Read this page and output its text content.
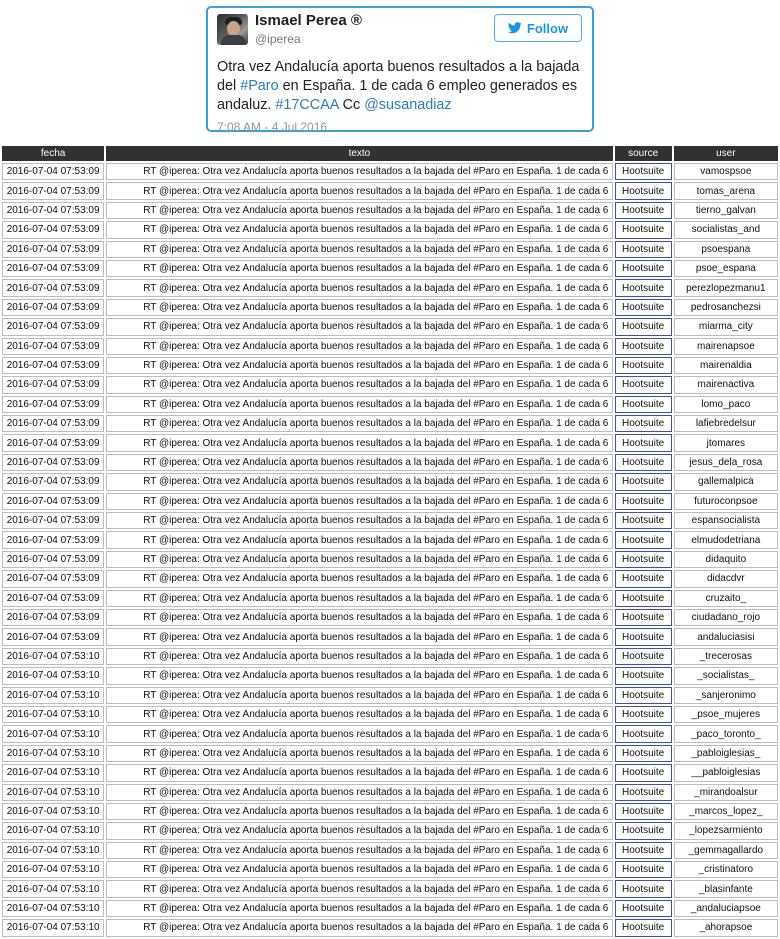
Ismael Perea ®
@iperea
Follow
Otra vez Andalucía aporta buenos resultados a la bajada del #Paro en España. 1 de cada 6 empleo generados es andaluz. #17CCAA Cc @susanadiaz
7:08 AM - 4 Jul 2016
fecha	texto	source	user
2016-07-04 07:53:09	RT @iperea: Otra vez Andalucía aporta buenos resultados a la bajada del #Paro en España. 1 de cada 6	Hootsuite	vamospsoe
2016-07-04 07:53:09	RT @iperea: Otra vez Andalucía aporta buenos resultados a la bajada del #Paro en España. 1 de cada 6	Hootsuite	tomas_arena
2016-07-04 07:53:09	RT @iperea: Otra vez Andalucía aporta buenos resultados a la bajada del #Paro en España. 1 de cada 6	Hootsuite	tierno_galvan
2016-07-04 07:53:09	RT @iperea: Otra vez Andalucía aporta buenos resultados a la bajada del #Paro en España. 1 de cada 6	Hootsuite	socialistas_and
2016-07-04 07:53:09	RT @iperea: Otra vez Andalucía aporta buenos resultados a la bajada del #Paro en España. 1 de cada 6	Hootsuite	psoespana
2016-07-04 07:53:09	RT @iperea: Otra vez Andalucía aporta buenos resultados a la bajada del #Paro en España. 1 de cada 6	Hootsuite	psoe_espana
2016-07-04 07:53:09	RT @iperea: Otra vez Andalucía aporta buenos resultados a la bajada del #Paro en España. 1 de cada 6	Hootsuite	perezlopezmanu1
2016-07-04 07:53:09	RT @iperea: Otra vez Andalucía aporta buenos resultados a la bajada del #Paro en España. 1 de cada 6	Hootsuite	pedrosanchezsi
2016-07-04 07:53:09	RT @iperea: Otra vez Andalucía aporta buenos resultados a la bajada del #Paro en España. 1 de cada 6	Hootsuite	miarma_city
2016-07-04 07:53:09	RT @iperea: Otra vez Andalucía aporta buenos resultados a la bajada del #Paro en España. 1 de cada 6	Hootsuite	mairenapsoe
2016-07-04 07:53:09	RT @iperea: Otra vez Andalucía aporta buenos resultados a la bajada del #Paro en España. 1 de cada 6	Hootsuite	mairenaldia
2016-07-04 07:53:09	RT @iperea: Otra vez Andalucía aporta buenos resultados a la bajada del #Paro en España. 1 de cada 6	Hootsuite	mairenactiva
2016-07-04 07:53:09	RT @iperea: Otra vez Andalucía aporta buenos resultados a la bajada del #Paro en España. 1 de cada 6	Hootsuite	lomo_paco
2016-07-04 07:53:09	RT @iperea: Otra vez Andalucía aporta buenos resultados a la bajada del #Paro en España. 1 de cada 6	Hootsuite	lafiebredelsur
2016-07-04 07:53:09	RT @iperea: Otra vez Andalucía aporta buenos resultados a la bajada del #Paro en España. 1 de cada 6	Hootsuite	jtomares
2016-07-04 07:53:09	RT @iperea: Otra vez Andalucía aporta buenos resultados a la bajada del #Paro en España. 1 de cada 6	Hootsuite	jesus_dela_rosa
2016-07-04 07:53:09	RT @iperea: Otra vez Andalucía aporta buenos resultados a la bajada del #Paro en España. 1 de cada 6	Hootsuite	gallemalpica
2016-07-04 07:53:09	RT @iperea: Otra vez Andalucía aporta buenos resultados a la bajada del #Paro en España. 1 de cada 6	Hootsuite	futuroconpsoe
2016-07-04 07:53:09	RT @iperea: Otra vez Andalucía aporta buenos resultados a la bajada del #Paro en España. 1 de cada 6	Hootsuite	espansocialista
2016-07-04 07:53:09	RT @iperea: Otra vez Andalucía aporta buenos resultados a la bajada del #Paro en España. 1 de cada 6	Hootsuite	elmudodetriana
2016-07-04 07:53:09	RT @iperea: Otra vez Andalucía aporta buenos resultados a la bajada del #Paro en España. 1 de cada 6	Hootsuite	didaquito
2016-07-04 07:53:09	RT @iperea: Otra vez Andalucía aporta buenos resultados a la bajada del #Paro en España. 1 de cada 6	Hootsuite	didacdvr
2016-07-04 07:53:09	RT @iperea: Otra vez Andalucía aporta buenos resultados a la bajada del #Paro en España. 1 de cada 6	Hootsuite	cruzaito_
2016-07-04 07:53:09	RT @iperea: Otra vez Andalucía aporta buenos resultados a la bajada del #Paro en España. 1 de cada 6	Hootsuite	ciudadano_rojo
2016-07-04 07:53:09	RT @iperea: Otra vez Andalucía aporta buenos resultados a la bajada del #Paro en España. 1 de cada 6	Hootsuite	andaluciasisi
2016-07-04 07:53:10	RT @iperea: Otra vez Andalucía aporta buenos resultados a la bajada del #Paro en España. 1 de cada 6	Hootsuite	_trecerosas
2016-07-04 07:53:10	RT @iperea: Otra vez Andalucía aporta buenos resultados a la bajada del #Paro en España. 1 de cada 6	Hootsuite	_socialistas_
2016-07-04 07:53:10	RT @iperea: Otra vez Andalucía aporta buenos resultados a la bajada del #Paro en España. 1 de cada 6	Hootsuite	_sanjeronimo
2016-07-04 07:53:10	RT @iperea: Otra vez Andalucía aporta buenos resultados a la bajada del #Paro en España. 1 de cada 6	Hootsuite	_psoe_mujeres
2016-07-04 07:53:10	RT @iperea: Otra vez Andalucía aporta buenos resultados a la bajada del #Paro en España. 1 de cada 6	Hootsuite	_paco_toronto_
2016-07-04 07:53:10	RT @iperea: Otra vez Andalucía aporta buenos resultados a la bajada del #Paro en España. 1 de cada 6	Hootsuite	_pabloiglesias_
2016-07-04 07:53:10	RT @iperea: Otra vez Andalucía aporta buenos resultados a la bajada del #Paro en España. 1 de cada 6	Hootsuite	__pabloiglesias
2016-07-04 07:53:10	RT @iperea: Otra vez Andalucía aporta buenos resultados a la bajada del #Paro en España. 1 de cada 6	Hootsuite	_mirandoalsur
2016-07-04 07:53:10	RT @iperea: Otra vez Andalucía aporta buenos resultados a la bajada del #Paro en España. 1 de cada 6	Hootsuite	_marcos_lopez_
2016-07-04 07:53:10	RT @iperea: Otra vez Andalucía aporta buenos resultados a la bajada del #Paro en España. 1 de cada 6	Hootsuite	_lopezsarmiento
2016-07-04 07:53:10	RT @iperea: Otra vez Andalucía aporta buenos resultados a la bajada del #Paro en España. 1 de cada 6	Hootsuite	_gemmagallardo
2016-07-04 07:53:10	RT @iperea: Otra vez Andalucía aporta buenos resultados a la bajada del #Paro en España. 1 de cada 6	Hootsuite	_cristinatoro
2016-07-04 07:53:10	RT @iperea: Otra vez Andalucía aporta buenos resultados a la bajada del #Paro en España. 1 de cada 6	Hootsuite	_blasinfante
2016-07-04 07:53:10	RT @iperea: Otra vez Andalucía aporta buenos resultados a la bajada del #Paro en España. 1 de cada 6	Hootsuite	_andaluciapsoe
2016-07-04 07:53:10	RT @iperea: Otra vez Andalucía aporta buenos resultados a la bajada del #Paro en España. 1 de cada 6	Hootsuite	_ahorapsoe
